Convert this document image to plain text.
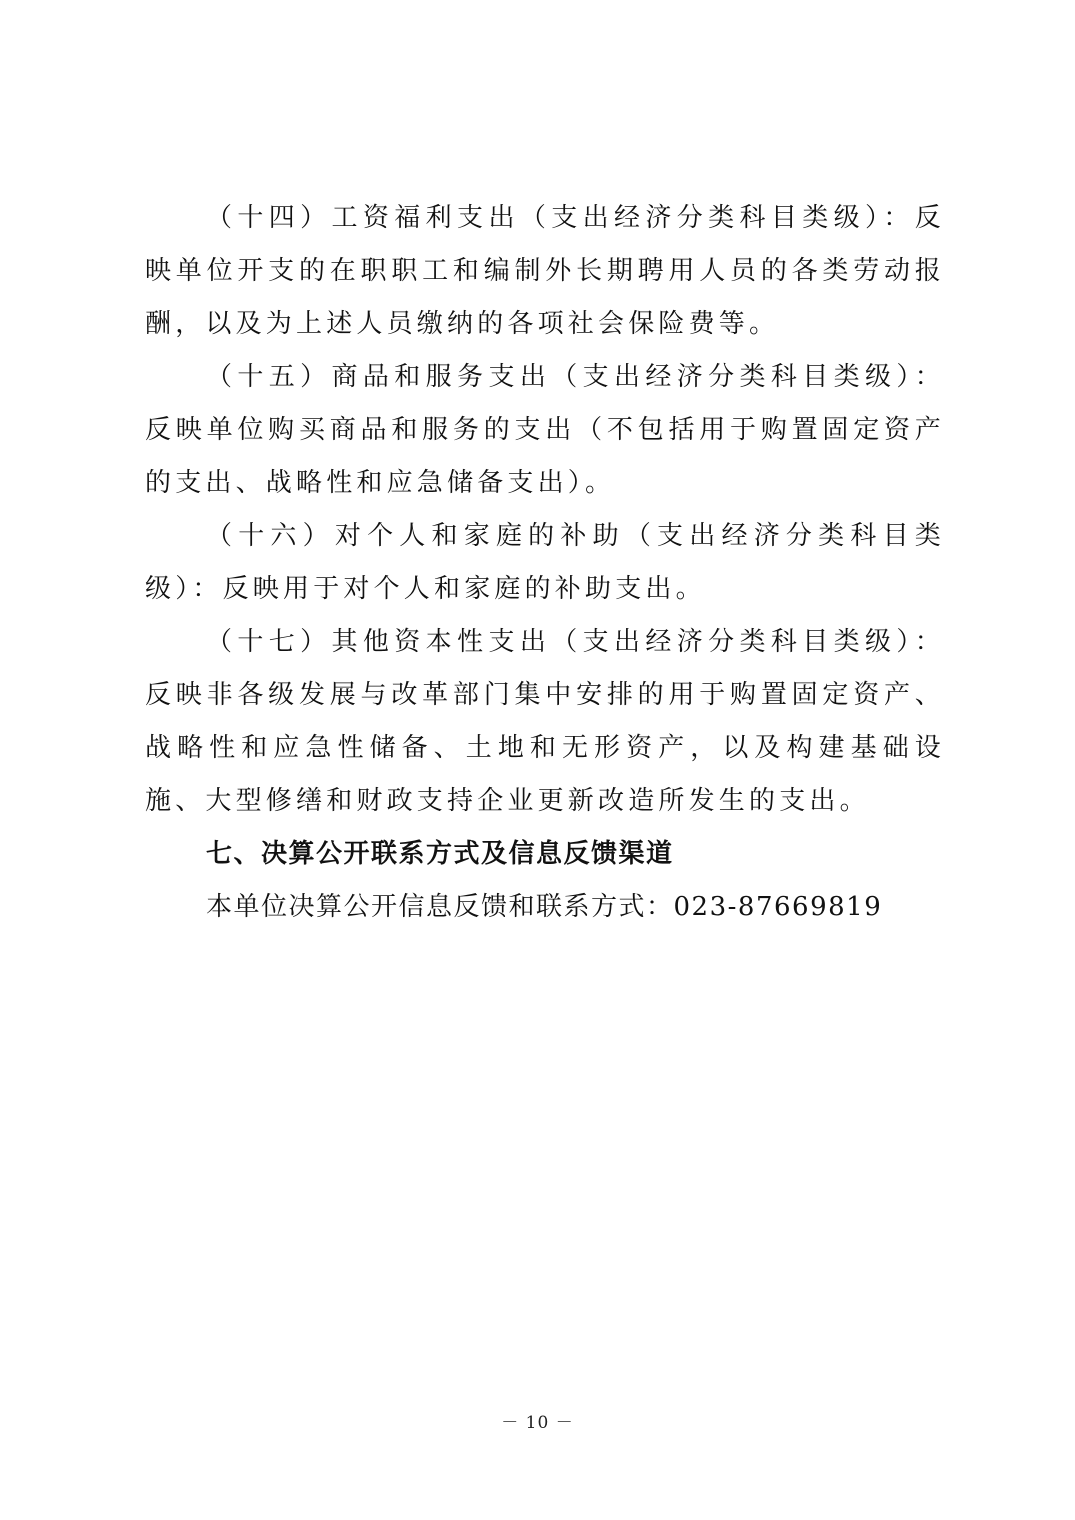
（十四）工资福利支出（支出经济分类科目类级）：反映单位开支的在职职工和编制外长期聘用人员的各类劳动报酬，以及为上述人员缴纳的各项社会保险费等。

（十五）商品和服务支出（支出经济分类科目类级）：反映单位购买商品和服务的支出（不包括用于购置固定资产的支出、战略性和应急储备支出）。

（十六）对个人和家庭的补助（支出经济分类科目类级）：反映用于对个人和家庭的补助支出。

（十七）其他资本性支出（支出经济分类科目类级）：反映非各级发展与改革部门集中安排的用于购置固定资产、战略性和应急性储备、土地和无形资产，以及构建基础设施、大型修缮和财政支持企业更新改造所发生的支出。

七、决算公开联系方式及信息反馈渠道

本单位决算公开信息反馈和联系方式：023-87669819

－ 10 －
